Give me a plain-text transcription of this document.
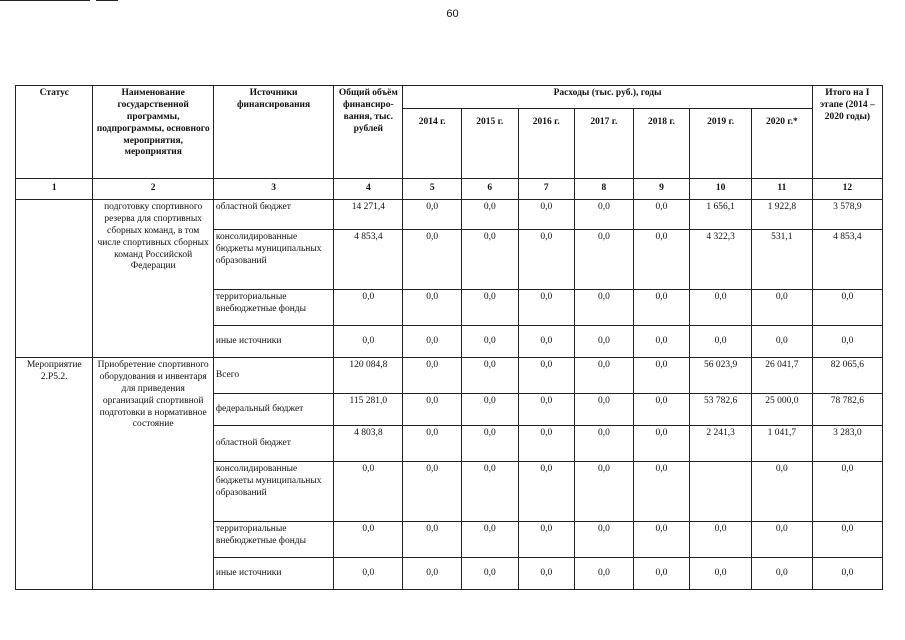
60
Статус	Наименование государственной программы, подпрограммы, основного мероприятия, мероприятия	Источники финансирования	Общий объём финансиро-вания, тыс. рублей	Расходы (тыс. руб.), годы							Итого на I этапе (2014 – 2020 годы)
				2014 г.	2015 г.	2016 г.	2017 г.	2018 г.	2019 г.	2020 г.*	
1	2	3	4	5	6	7	8	9	10	11	12
	подготовку спортивного резерва для спортивных сборных команд, в том числе спортивных сборных команд Российской Федерации	областной бюджет	14 271,4	0,0	0,0	0,0	0,0	0,0	1 656,1	1 922,8	3 578,9
		консолидированные бюджеты муниципальных образований	4 853,4	0,0	0,0	0,0	0,0	0,0	4 322,3	531,1	4 853,4
		территориальные внебюджетные фонды	0,0	0,0	0,0	0,0	0,0	0,0	0,0	0,0	0,0
		иные источники	0,0	0,0	0,0	0,0	0,0	0,0	0,0	0,0	0,0
Мероприятие 2.Р5.2.	Приобретение спортивного оборудования и инвентаря для приведения организаций спортивной подготовки в нормативное состояние	Всего	120 084,8	0,0	0,0	0,0	0,0	0,0	56 023,9	26 041,7	82 065,6
		федеральный бюджет	115 281,0	0,0	0,0	0,0	0,0	0,0	53 782,6	25 000,0	78 782,6
		областной бюджет	4 803,8	0,0	0,0	0,0	0,0	0,0	2 241,3	1 041,7	3 283,0
		консолидированные бюджеты муниципальных образований	0,0	0,0	0,0	0,0	0,0	0,0		0,0	0,0
		территориальные внебюджетные фонды	0,0	0,0	0,0	0,0	0,0	0,0	0,0	0,0	0,0
		иные источники	0,0	0,0	0,0	0,0	0,0	0,0	0,0	0,0	0,0
